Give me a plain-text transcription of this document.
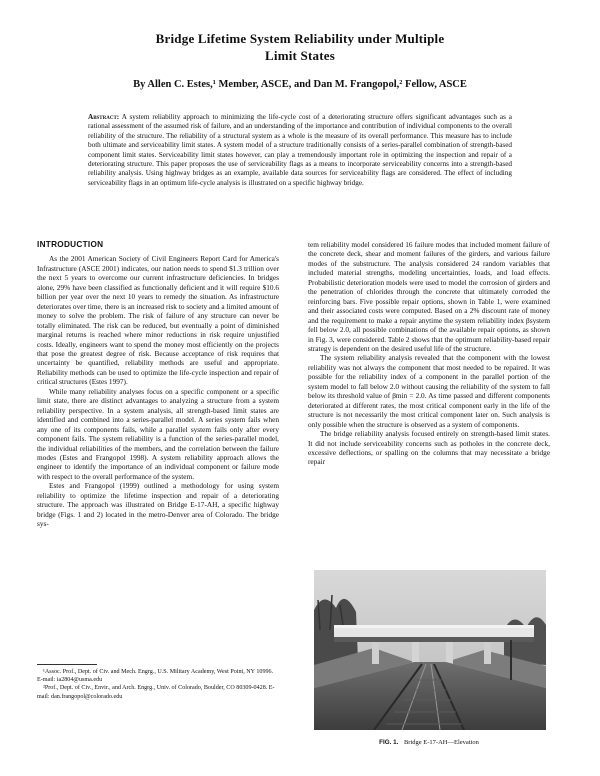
Bridge Lifetime System Reliability under Multiple
Limit States
By Allen C. Estes,¹ Member, ASCE, and Dan M. Frangopol,² Fellow, ASCE
Abstract: A system reliability approach to minimizing the life-cycle cost of a deteriorating structure offers significant advantages such as a rational assessment of the assumed risk of failure, and an understanding of the importance and contribution of individual components to the overall reliability of the structure. The reliability of a structural system as a whole is the measure of its overall performance. This measure has to include both ultimate and serviceability limit states. A system model of a structure traditionally consists of a series-parallel combination of strength-based component limit states. Serviceability limit states however, can play a tremendously important role in optimizing the inspection and repair of a deteriorating structure. This paper proposes the use of serviceability flags as a means to incorporate serviceability concerns into a strength-based reliability analysis. Using highway bridges as an example, available data sources for serviceability flags are considered. The effect of including serviceability flags in an optimum life-cycle analysis is illustrated on a specific highway bridge.
INTRODUCTION

As the 2001 American Society of Civil Engineers Report Card for America's Infrastructure (ASCE 2001) indicates, our nation needs to spend $1.3 trillion over the next 5 years to overcome our current infrastructure deficiencies. In bridges alone, 29% have been classified as functionally deficient and it will require $10.6 billion per year over the next 10 years to remedy the situation. As infrastructure deteriorates over time, there is an increased risk to society and a limited amount of money to solve the problem. The risk of failure of any structure can never be totally eliminated. The risk can be reduced, but eventually a point of diminished marginal returns is reached where minor reductions in risk require unjustified costs. Ideally, engineers want to spend the money most efficiently on the projects that pose the greatest degree of risk. Because acceptance of risk requires that uncertainty be quantified, reliability methods are useful and appropriate. Reliability methods can be used to optimize the life-cycle inspection and repair of critical structures (Estes 1997).

While many reliability analyses focus on a specific component or a specific limit state, there are distinct advantages to analyzing a structure from a system reliability perspective. In a system analysis, all strength-based limit states are identified and combined into a series-parallel model. A series system fails when any one of its components fails, while a parallel system fails only after every component fails. The system reliability is a function of the series-parallel model, the individual reliabilities of the members, and the correlation between the failure modes (Estes and Frangopol 1998). A system reliability approach allows the engineer to identify the importance of an individual component or failure mode with respect to the overall performance of the system.

Estes and Frangopol (1999) outlined a methodology for using system reliability to optimize the lifetime inspection and repair of a deteriorating structure. The approach was illustrated on Bridge E-17-AH, a specific highway bridge (Figs. 1 and 2) located in the metro-Denver area of Colorado. The bridge sys-

¹Assoc. Prof., Dept. of Civ. and Mech. Engrg., U.S. Military Academy, West Point, NY 10996. E-mail: ia2804@usma.edu

²Prof., Dept. of Civ., Envir., and Arch. Engrg., Univ. of Colorado, Boulder, CO 80309-0428. E-mail: dan.frangopol@colorado.edu

tem reliability model considered 16 failure modes that included moment failure of the concrete deck, shear and moment failures of the girders, and various failure modes of the substructure. The analysis considered 24 random variables that included material strengths, modeling uncertainties, loads, and load effects. Probabilistic deterioration models were used to model the corrosion of girders and the penetration of chlorides through the concrete that ultimately corroded the reinforcing bars. Five possible repair options, shown in Table 1, were examined and their associated costs were computed. Based on a 2% discount rate of money and the requirement to make a repair anytime the system reliability index βsystem fell below 2.0, all possible combinations of the available repair options, as shown in Fig. 3, were considered. Table 2 shows that the optimum reliability-based repair strategy is dependent on the desired useful life of the structure.

The system reliability analysis revealed that the component with the lowest reliability was not always the component that most needed to be repaired. It was possible for the reliability index of a component in the parallel portion of the system model to fall below 2.0 without causing the reliability of the system to fall below its threshold value of βmin = 2.0. As time passed and different components deteriorated at different rates, the most critical component early in the life of the structure is not necessarily the most critical component later on. Such analysis is only possible when the structure is observed as a system of components.

The bridge reliability analysis focused entirely on strength-based limit states. It did not include serviceability concerns such as potholes in the concrete deck, excessive deflections, or spalling on the columns that may necessitate a bridge repair

FIG. 1. Bridge E-17-AH—Elevation
